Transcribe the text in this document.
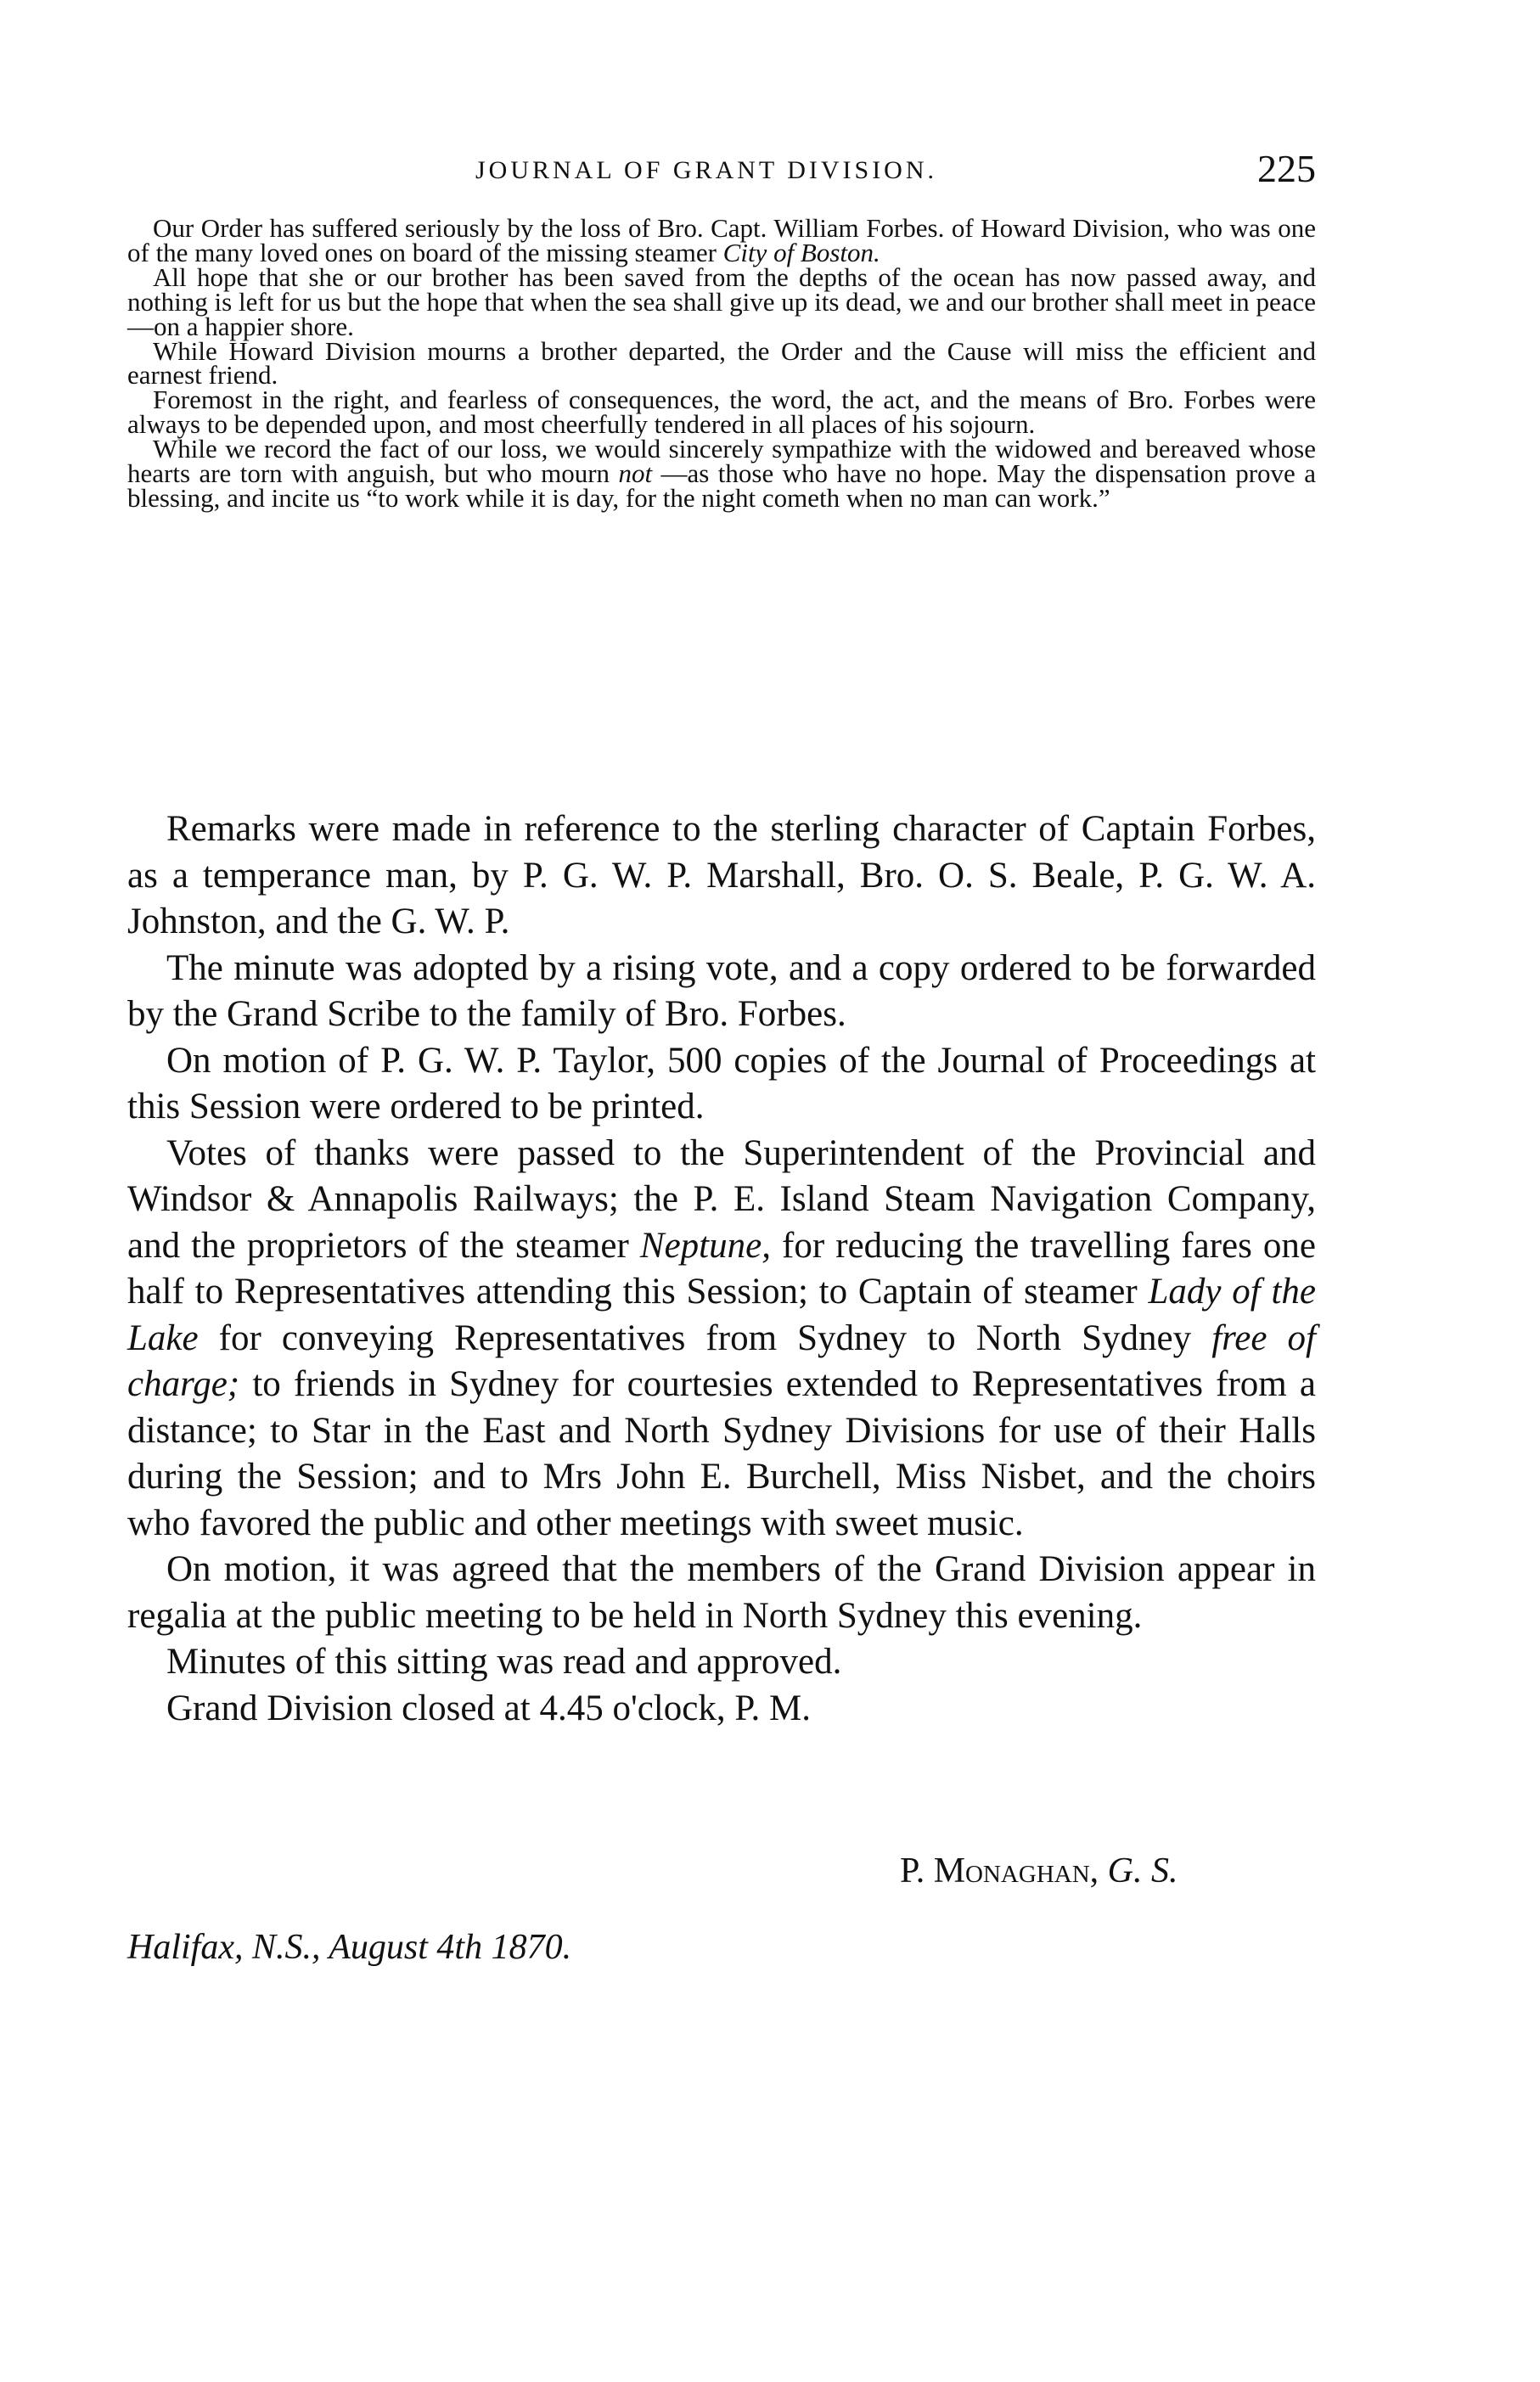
JOURNAL OF GRANT DIVISION.	225

Our Order has suffered seriously by the loss of Bro. Capt. William Forbes. of Howard Division, who was one of the many loved ones on board of the missing steamer City of Boston.

All hope that she or our brother has been saved from the depths of the ocean has now passed away, and nothing is left for us but the hope that when the sea shall give up its dead, we and our brother shall meet in peace—on a happier shore.

While Howard Division mourns a brother departed, the Order and the Cause will miss the efficient and earnest friend.

Foremost in the right, and fearless of consequences, the word, the act, and the means of Bro. Forbes were always to be depended upon, and most cheerfully tendered in all places of his sojourn.

While we record the fact of our loss, we would sincerely sympathize with the widowed and bereaved whose hearts are torn with anguish, but who mourn not —as those who have no hope. May the dispensation prove a blessing, and incite us “to work while it is day, for the night cometh when no man can work.”

Remarks were made in reference to the sterling character of Captain Forbes, as a temperance man, by P. G. W. P. Marshall, Bro. O. S. Beale, P. G. W. A. Johnston, and the G. W. P.

The minute was adopted by a rising vote, and a copy ordered to be forwarded by the Grand Scribe to the family of Bro. Forbes.

On motion of P. G. W. P. Taylor, 500 copies of the Journal of Proceedings at this Session were ordered to be printed.

Votes of thanks were passed to the Superintendent of the Provincial and Windsor & Annapolis Railways; the P. E. Island Steam Navigation Company, and the proprietors of the steamer Neptune, for reducing the travelling fares one half to Representatives attending this Session; to Captain of steamer Lady of the Lake for conveying Representatives from Sydney to North Sydney free of charge; to friends in Sydney for courtesies extended to Representatives from a distance; to Star in the East and North Sydney Divisions for use of their Halls during the Session; and to Mrs John E. Burchell, Miss Nisbet, and the choirs who favored the public and other meetings with sweet music.

On motion, it was agreed that the members of the Grand Division appear in regalia at the public meeting to be held in North Sydney this evening.

Minutes of this sitting was read and approved.

Grand Division closed at 4.45 o'clock, P. M.

P. Monaghan, G. S.
Halifax, N.S., August 4th 1870.
